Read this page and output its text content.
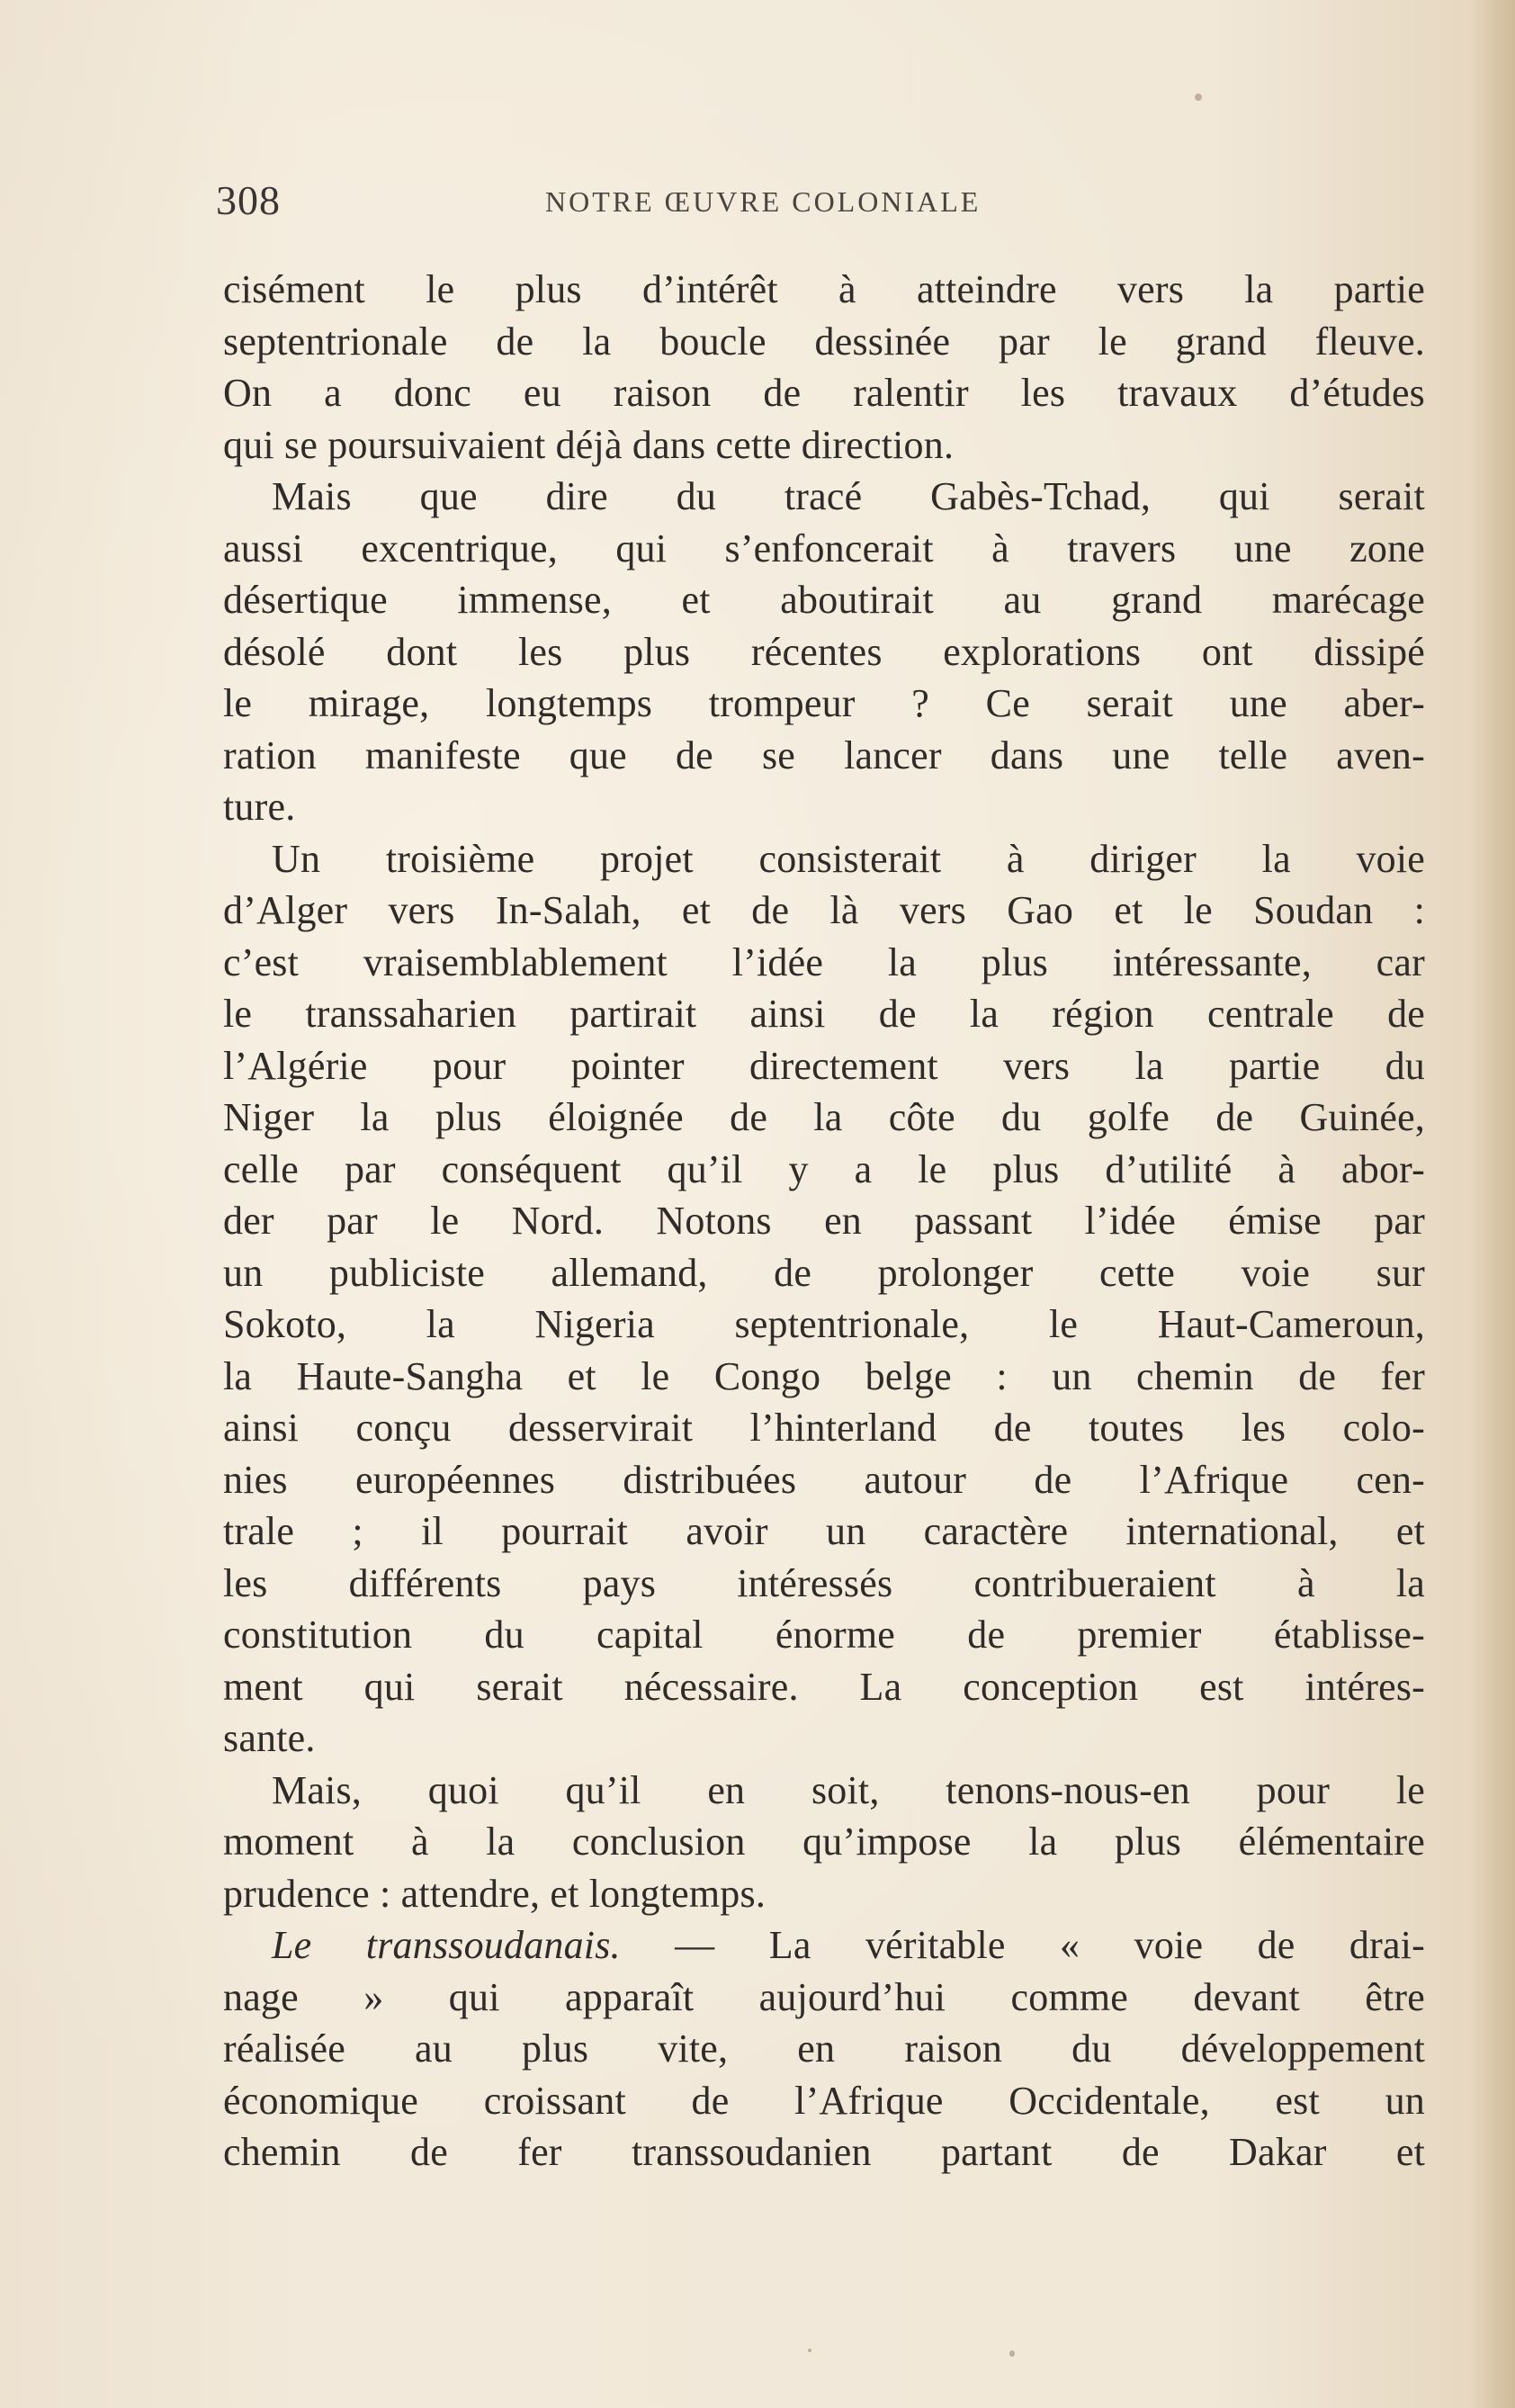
308	NOTRE ŒUVRE COLONIALE
cisément le plus d’intérêt à atteindre vers la partie
septentrionale de la boucle dessinée par le grand fleuve.
On a donc eu raison de ralentir les travaux d’études
qui se poursuivaient déjà dans cette direction.
Mais que dire du tracé Gabès-Tchad, qui serait
aussi excentrique, qui s’enfoncerait à travers une zone
désertique immense, et aboutirait au grand marécage
désolé dont les plus récentes explorations ont dissipé
le mirage, longtemps trompeur ? Ce serait une aber-
ration manifeste que de se lancer dans une telle aven-
ture.
Un troisième projet consisterait à diriger la voie
d’Alger vers In-Salah, et de là vers Gao et le Soudan :
c’est vraisemblablement l’idée la plus intéressante, car
le transsaharien partirait ainsi de la région centrale de
l’Algérie pour pointer directement vers la partie du
Niger la plus éloignée de la côte du golfe de Guinée,
celle par conséquent qu’il y a le plus d’utilité à abor-
der par le Nord. Notons en passant l’idée émise par
un publiciste allemand, de prolonger cette voie sur
Sokoto, la Nigeria septentrionale, le Haut-Cameroun,
la Haute-Sangha et le Congo belge : un chemin de fer
ainsi conçu desservirait l’hinterland de toutes les colo-
nies européennes distribuées autour de l’Afrique cen-
trale ; il pourrait avoir un caractère international, et
les différents pays intéressés contribueraient à la
constitution du capital énorme de premier établisse-
ment qui serait nécessaire. La conception est intéres-
sante.
Mais, quoi qu’il en soit, tenons-nous-en pour le
moment à la conclusion qu’impose la plus élémentaire
prudence : attendre, et longtemps.
Le transsoudanais. — La véritable « voie de drai-
nage » qui apparaît aujourd’hui comme devant être
réalisée au plus vite, en raison du développement
économique croissant de l’Afrique Occidentale, est un
chemin de fer transsoudanien partant de Dakar et
